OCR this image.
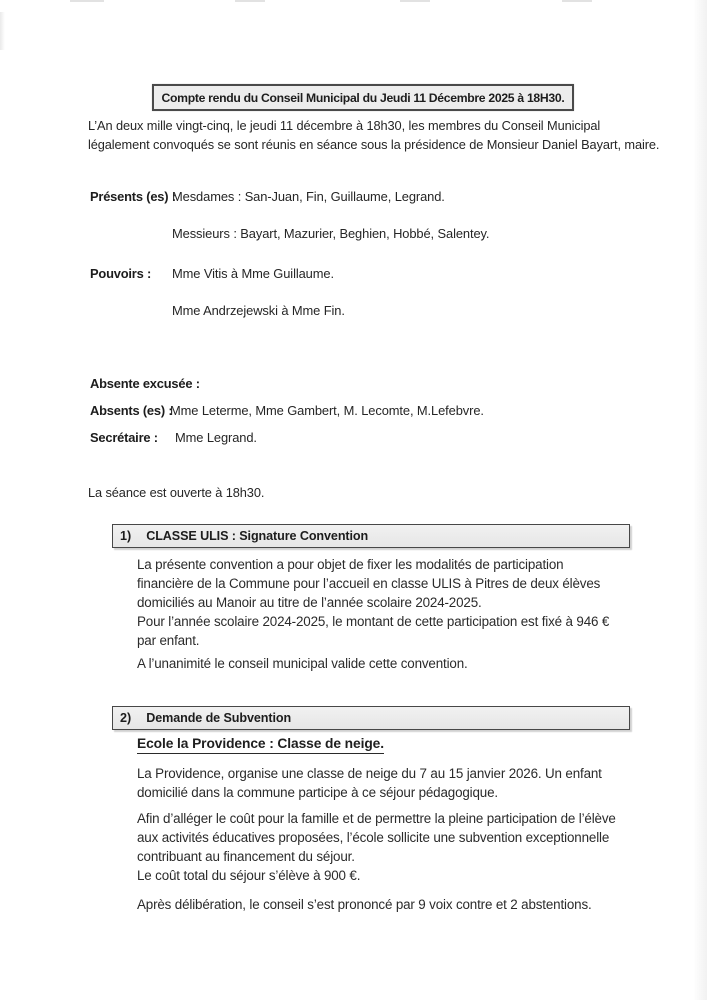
Compte rendu du Conseil Municipal du Jeudi 11 Décembre 2025 à 18H30.
L’An deux mille vingt-cinq, le jeudi 11 décembre à 18h30, les membres du Conseil Municipal
légalement convoqués se sont réunis en séance sous la présidence de Monsieur Daniel Bayart, maire.
Présents (es) :
Mesdames : San-Juan, Fin, Guillaume, Legrand.
Messieurs : Bayart, Mazurier, Beghien, Hobbé, Salentey.
Pouvoirs : Mme Vitis à Mme Guillaume.
Mme Andrzejewski à Mme Fin.
Absente excusée :
Absents (es) :
Mme Leterme, Mme Gambert, M. Lecomte, M.Lefebvre.
Secrétaire : Mme Legrand.
La séance est ouverte à 18h30.
1) CLASSE ULIS : Signature Convention
La présente convention a pour objet de fixer les modalités de participation
financière de la Commune pour l’accueil en classe ULIS à Pitres de deux élèves
domiciliés au Manoir au titre de l’année scolaire 2024-2025.
Pour l’année scolaire 2024-2025, le montant de cette participation est fixé à 946 €
par enfant.
A l’unanimité le conseil municipal valide cette convention.
2) Demande de Subvention
Ecole la Providence : Classe de neige.
La Providence, organise une classe de neige du 7 au 15 janvier 2026. Un enfant
domicilié dans la commune participe à ce séjour pédagogique.
Afin d’alléger le coût pour la famille et de permettre la pleine participation de l’élève
aux activités éducatives proposées, l’école sollicite une subvention exceptionnelle
contribuant au financement du séjour.
Le coût total du séjour s’élève à 900 €.
Après délibération, le conseil s’est prononcé par 9 voix contre et 2 abstentions.
